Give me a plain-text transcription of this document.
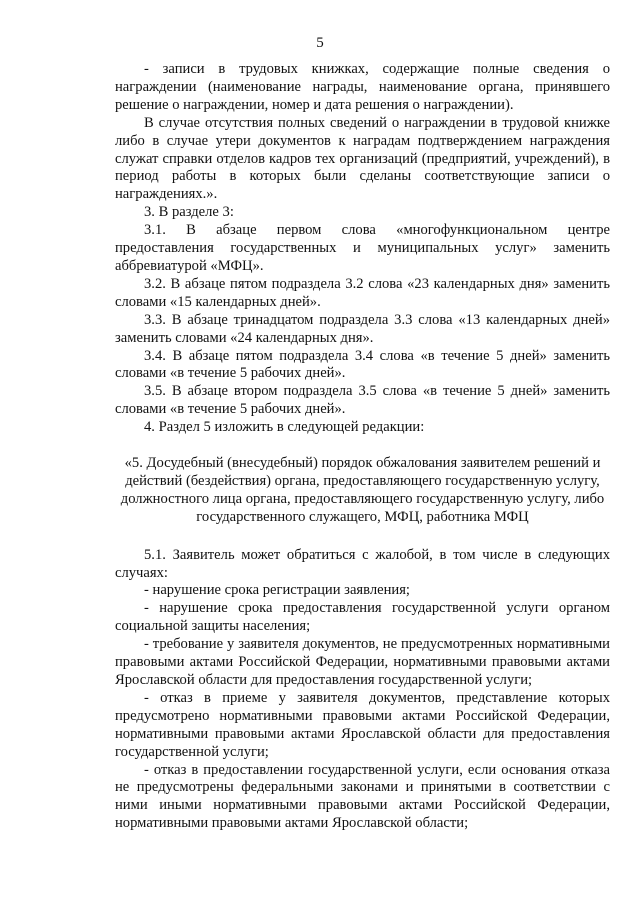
5

- записи в трудовых книжках, содержащие полные сведения о награждении (наименование награды, наименование органа, принявшего решение о награждении, номер и дата решения о награждении).

В случае отсутствия полных сведений о награждении в трудовой книжке либо в случае утери документов к наградам подтверждением награждения служат справки отделов кадров тех организаций (предприятий, учреждений), в период работы в которых были сделаны соответствующие записи о награждениях.».

3. В разделе 3:

3.1. В абзаце первом слова «многофункциональном центре предоставления государственных и муниципальных услуг» заменить аббревиатурой «МФЦ».

3.2. В абзаце пятом подраздела 3.2 слова «23 календарных дня» заменить словами «15 календарных дней».

3.3. В абзаце тринадцатом подраздела 3.3 слова «13 календарных дней» заменить словами «24 календарных дня».

3.4. В абзаце пятом подраздела 3.4 слова «в течение 5 дней» заменить словами «в течение 5 рабочих дней».

3.5. В абзаце втором подраздела 3.5 слова «в течение 5 дней» заменить словами «в течение 5 рабочих дней».

4. Раздел 5 изложить в следующей редакции:

«5. Досудебный (внесудебный) порядок обжалования заявителем решений и действий (бездействия) органа, предоставляющего государственную услугу, должностного лица органа, предоставляющего государственную услугу, либо государственного служащего, МФЦ, работника МФЦ

5.1. Заявитель может обратиться с жалобой, в том числе в следующих случаях:

- нарушение срока регистрации заявления;

- нарушение срока предоставления государственной услуги органом социальной защиты населения;

- требование у заявителя документов, не предусмотренных нормативными правовыми актами Российской Федерации, нормативными правовыми актами Ярославской области для предоставления государственной услуги;

- отказ в приеме у заявителя документов, представление которых предусмотрено нормативными правовыми актами Российской Федерации, нормативными правовыми актами Ярославской области для предоставления государственной услуги;

- отказ в предоставлении государственной услуги, если основания отказа не предусмотрены федеральными законами и принятыми в соответствии с ними иными нормативными правовыми актами Российской Федерации, нормативными правовыми актами Ярославской области;
